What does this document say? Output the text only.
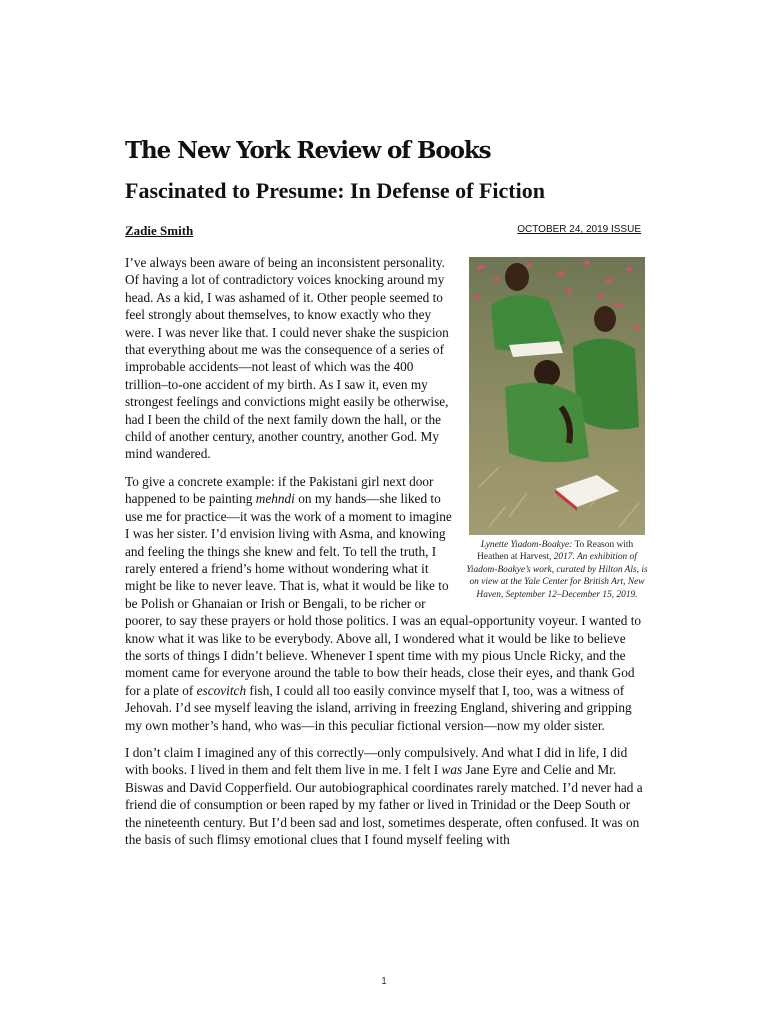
The New York Review of Books
Fascinated to Presume: In Defense of Fiction
Zadie Smith	OCTOBER 24, 2019 ISSUE
Lynette Yiadom-Boakye: To Reason with Heathen at Harvest, 2017. An exhibition of Yiadom-Boakye’s work, curated by Hilton Als, is on view at the Yale Center for British Art, New Haven, September 12–December 15, 2019.

I’ve always been aware of being an inconsistent personality. Of having a lot of contradictory voices knocking around my head. As a kid, I was ashamed of it. Other people seemed to feel strongly about themselves, to know exactly who they were. I was never like that. I could never shake the suspicion that everything about me was the consequence of a series of improbable accidents—not least of which was the 400 trillion–to-one accident of my birth. As I saw it, even my strongest feelings and convictions might easily be otherwise, had I been the child of the next family down the hall, or the child of another century, another country, another God. My mind wandered.

To give a concrete example: if the Pakistani girl next door happened to be painting mehndi on my hands—she liked to use me for practice—it was the work of a moment to imagine I was her sister. I’d envision living with Asma, and knowing and feeling the things she knew and felt. To tell the truth, I rarely entered a friend’s home without wondering what it might be like to never leave. That is, what it would be like to be Polish or Ghanaian or Irish or Bengali, to be richer or poorer, to say these prayers or hold those politics. I was an equal-opportunity voyeur. I wanted to know what it was like to be everybody. Above all, I wondered what it would be like to believe the sorts of things I didn’t believe. Whenever I spent time with my pious Uncle Ricky, and the moment came for everyone around the table to bow their heads, close their eyes, and thank God for a plate of escovitch fish, I could all too easily convince myself that I, too, was a witness of Jehovah. I’d see myself leaving the island, arriving in freezing England, shivering and gripping my own mother’s hand, who was—in this peculiar fictional version—now my older sister.

I don’t claim I imagined any of this correctly—only compulsively. And what I did in life, I did with books. I lived in them and felt them live in me. I felt I was Jane Eyre and Celie and Mr. Biswas and David Copperfield. Our autobiographical coordinates rarely matched. I’d never had a friend die of consumption or been raped by my father or lived in Trinidad or the Deep South or the nineteenth century. But I’d been sad and lost, sometimes desperate, often confused. It was on the basis of such flimsy emotional clues that I found myself feeling with

1
